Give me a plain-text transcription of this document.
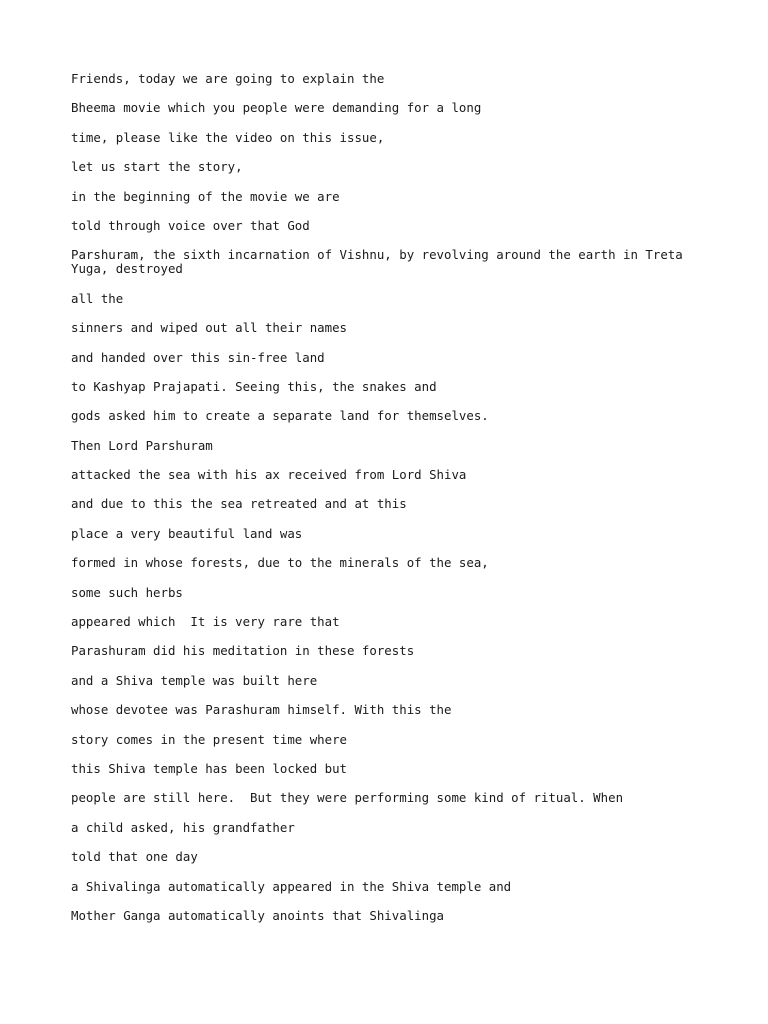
Friends, today we are going to explain the

Bheema movie which you people were demanding for a long

time, please like the video on this issue,

let us start the story,

in the beginning of the movie we are

told through voice over that God

Parshuram, the sixth incarnation of Vishnu, by revolving around the earth in Treta Yuga, destroyed

all the

sinners and wiped out all their names

and handed over this sin-free land

to Kashyap Prajapati. Seeing this, the snakes and

gods asked him to create a separate land for themselves.

Then Lord Parshuram

attacked the sea with his ax received from Lord Shiva

and due to this the sea retreated and at this

place a very beautiful land was

formed in whose forests, due to the minerals of the sea,

some such herbs

appeared which  It is very rare that

Parashuram did his meditation in these forests

and a Shiva temple was built here

whose devotee was Parashuram himself. With this the

story comes in the present time where

this Shiva temple has been locked but

people are still here.  But they were performing some kind of ritual. When

a child asked, his grandfather

told that one day

a Shivalinga automatically appeared in the Shiva temple and

Mother Ganga automatically anoints that Shivalinga
